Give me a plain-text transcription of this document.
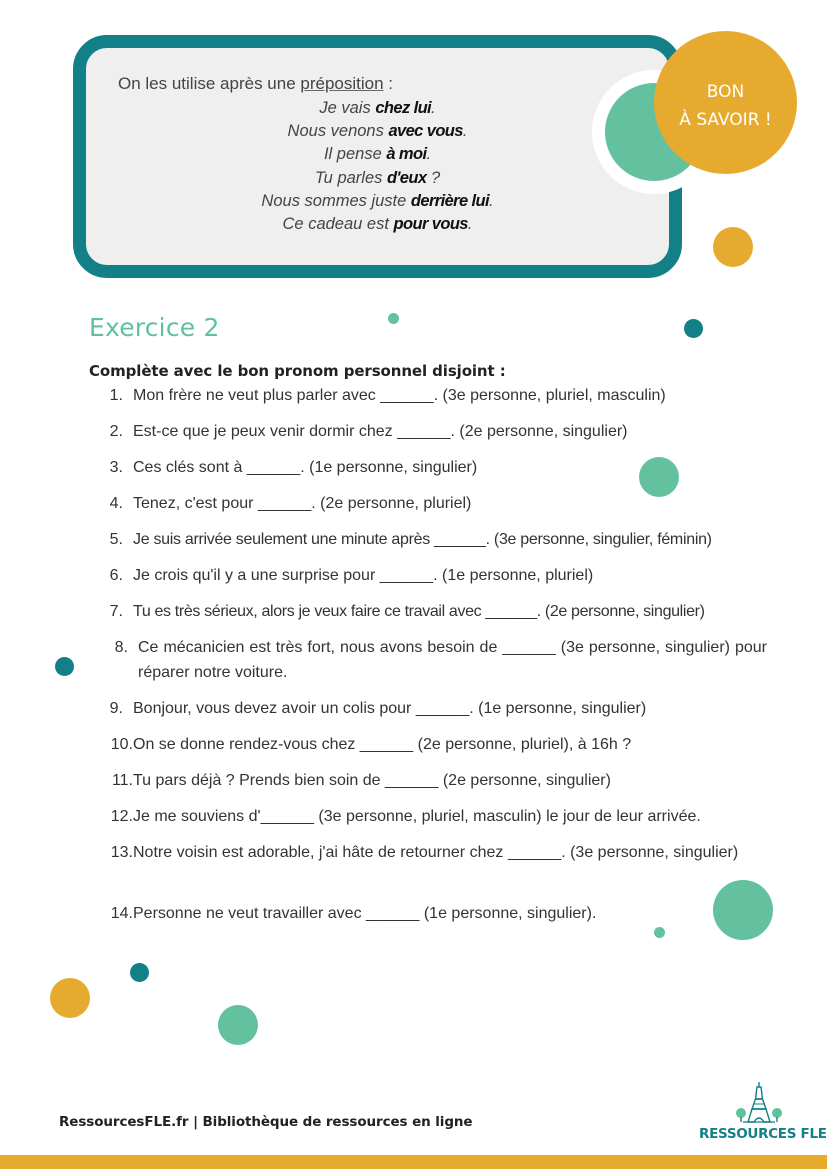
On les utilise après une préposition :
Je vais chez lui.
Nous venons avec vous.
Il pense à moi.
Tu parles d'eux ?
Nous sommes juste derrière lui.
Ce cadeau est pour vous.
BON
À SAVOIR !
Exercice 2
Complète avec le bon pronom personnel disjoint :
1. Mon frère ne veut plus parler avec ______. (3e personne, pluriel, masculin)
2. Est-ce que je peux venir dormir chez ______. (2e personne, singulier)
3. Ces clés sont à ______. (1e personne, singulier)
4. Tenez, c'est pour ______. (2e personne, pluriel)
5. Je suis arrivée seulement une minute après ______. (3e personne, singulier, féminin)
6. Je crois qu'il y a une surprise pour ______. (1e personne, pluriel)
7. Tu es très sérieux, alors je veux faire ce travail avec ______. (2e personne, singulier)
8. Ce mécanicien est très fort, nous avons besoin de ______ (3e personne, singulier) pour réparer notre voiture.
9. Bonjour, vous devez avoir un colis pour ______. (1e personne, singulier)
10. On se donne rendez-vous chez ______ (2e personne, pluriel), à 16h ?
11. Tu pars déjà ? Prends bien soin de ______ (2e personne, singulier)
12. Je me souviens d'______ (3e personne, pluriel, masculin) le jour de leur arrivée.
13. Notre voisin est adorable, j'ai hâte de retourner chez ______. (3e personne, singulier)
14. Personne ne veut travailler avec ______ (1e personne, singulier).
RessourcesFLE.fr | Bibliothèque de ressources en ligne
RESSOURCES FLE
